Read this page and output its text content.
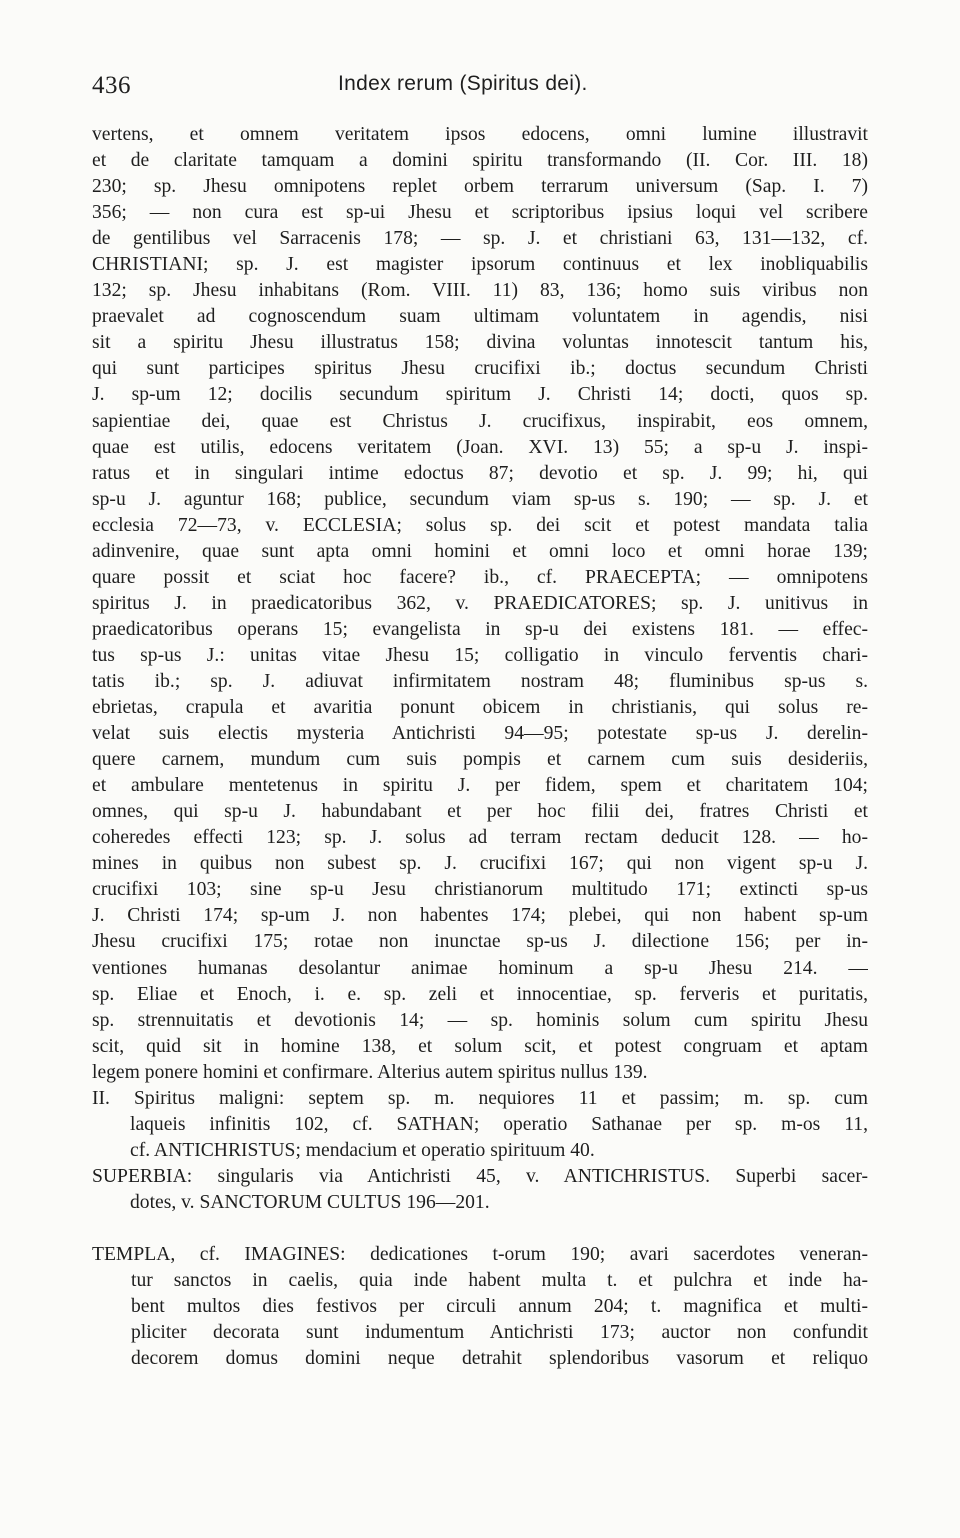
436	Index rerum (Spiritus dei).
vertens, et omnem veritatem ipsos edocens, omni lumine illustravit
et de claritate tamquam a domini spiritu transformando (II. Cor. III. 18)
230; sp. Jhesu omnipotens replet orbem terrarum universum (Sap. I. 7)
356; — non cura est sp-ui Jhesu et scriptoribus ipsius loqui vel scribere
de gentilibus vel Sarracenis 178; — sp. J. et christiani 63, 131—132, cf.
CHRISTIANI; sp. J. est magister ipsorum continuus et lex inobliquabilis
132; sp. Jhesu inhabitans (Rom. VIII. 11) 83, 136; homo suis viribus non
praevalet ad cognoscendum suam ultimam voluntatem in agendis, nisi
sit a spiritu Jhesu illustratus 158; divina voluntas innotescit tantum his,
qui sunt participes spiritus Jhesu crucifixi ib.; doctus secundum Christi
J. sp-um 12; docilis secundum spiritum J. Christi 14; docti, quos sp.
sapientiae dei, quae est Christus J. crucifixus, inspirabit, eos omnem,
quae est utilis, edocens veritatem (Joan. XVI. 13) 55; a sp-u J. inspi-
ratus et in singulari intime edoctus 87; devotio et sp. J. 99; hi, qui
sp-u J. aguntur 168; publice, secundum viam sp-us s. 190; — sp. J. et
ecclesia 72—73, v. ECCLESIA; solus sp. dei scit et potest mandata talia
adinvenire, quae sunt apta omni homini et omni loco et omni horae 139;
quare possit et sciat hoc facere? ib., cf. PRAECEPTA; — omnipotens
spiritus J. in praedicatoribus 362, v. PRAEDICATORES; sp. J. unitivus in
praedicatoribus operans 15; evangelista in sp-u dei existens 181. — effec-
tus sp-us J.: unitas vitae Jhesu 15; colligatio in vinculo ferventis chari-
tatis ib.; sp. J. adiuvat infirmitatem nostram 48; fluminibus sp-us s.
ebrietas, crapula et avaritia ponunt obicem in christianis, qui solus re-
velat suis electis mysteria Antichristi 94—95; potestate sp-us J. derelin-
quere carnem, mundum cum suis pompis et carnem cum suis desideriis,
et ambulare mentetenus in spiritu J. per fidem, spem et charitatem 104;
omnes, qui sp-u J. habundabant et per hoc filii dei, fratres Christi et
coheredes effecti 123; sp. J. solus ad terram rectam deducit 128. — ho-
mines in quibus non subest sp. J. crucifixi 167; qui non vigent sp-u J.
crucifixi 103; sine sp-u Jesu christianorum multitudo 171; extincti sp-us
J. Christi 174; sp-um J. non habentes 174; plebei, qui non habent sp-um
Jhesu crucifixi 175; rotae non inunctae sp-us J. dilectione 156; per in-
ventiones humanas desolantur animae hominum a sp-u Jhesu 214. —
sp. Eliae et Enoch, i. e. sp. zeli et innocentiae, sp. ferveris et puritatis,
sp. strennuitatis et devotionis 14; — sp. hominis solum cum spiritu Jhesu
scit, quid sit in homine 138, et solum scit, et potest congruam et aptam
legem ponere homini et confirmare. Alterius autem spiritus nullus 139.
II. Spiritus maligni: septem sp. m. nequiores 11 et passim; m. sp. cum
laqueis infinitis 102, cf. SATHAN; operatio Sathanae per sp. m-os 11,
cf. ANTICHRISTUS; mendacium et operatio spirituum 40.
SUPERBIA: singularis via Antichristi 45, v. ANTICHRISTUS. Superbi sacer-
dotes, v. SANCTORUM CULTUS 196—201.
TEMPLA, cf. IMAGINES: dedicationes t-orum 190; avari sacerdotes veneran-
tur sanctos in caelis, quia inde habent multa t. et pulchra et inde ha-
bent multos dies festivos per circuli annum 204; t. magnifica et multi-
pliciter decorata sunt indumentum Antichristi 173; auctor non confundit
decorem domus domini neque detrahit splendoribus vasorum et reliquo
